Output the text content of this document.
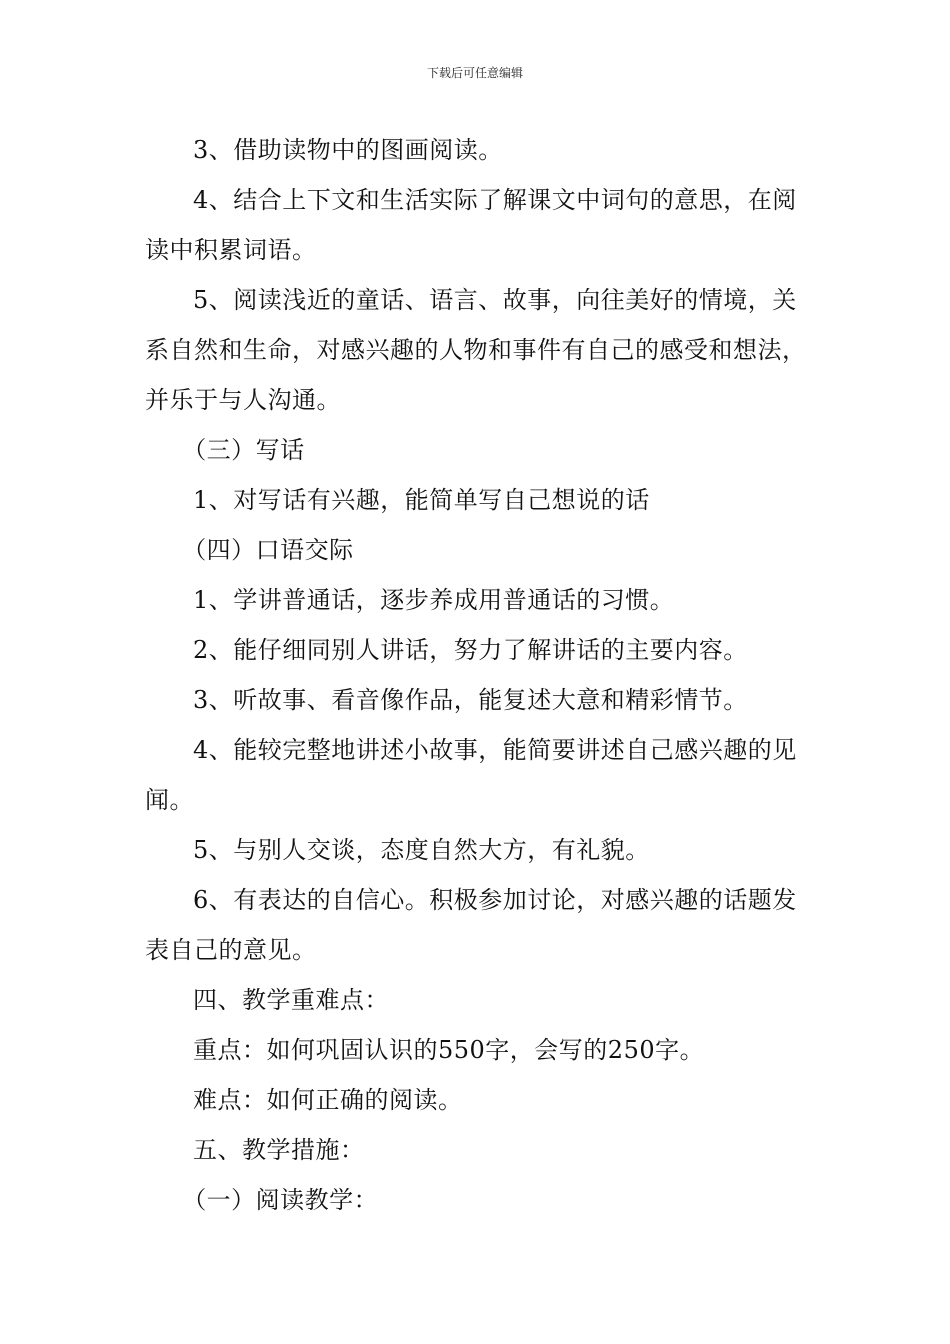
下载后可任意编辑

3、借助读物中的图画阅读。

4、结合上下文和生活实际了解课文中词句的意思，在阅读中积累词语。

5、阅读浅近的童话、语言、故事，向往美好的情境，关系自然和生命，对感兴趣的人物和事件有自己的感受和想法，并乐于与人沟通。

（三）写话

1、对写话有兴趣，能简单写自己想说的话

（四）口语交际

1、学讲普通话，逐步养成用普通话的习惯。

2、能仔细同别人讲话，努力了解讲话的主要内容。

3、听故事、看音像作品，能复述大意和精彩情节。

4、能较完整地讲述小故事，能简要讲述自己感兴趣的见闻。

5、与别人交谈，态度自然大方，有礼貌。

6、有表达的自信心。积极参加讨论，对感兴趣的话题发表自己的意见。

四、教学重难点：

重点：如何巩固认识的550字，会写的250字。

难点：如何正确的阅读。

五、教学措施：

（一）阅读教学：
